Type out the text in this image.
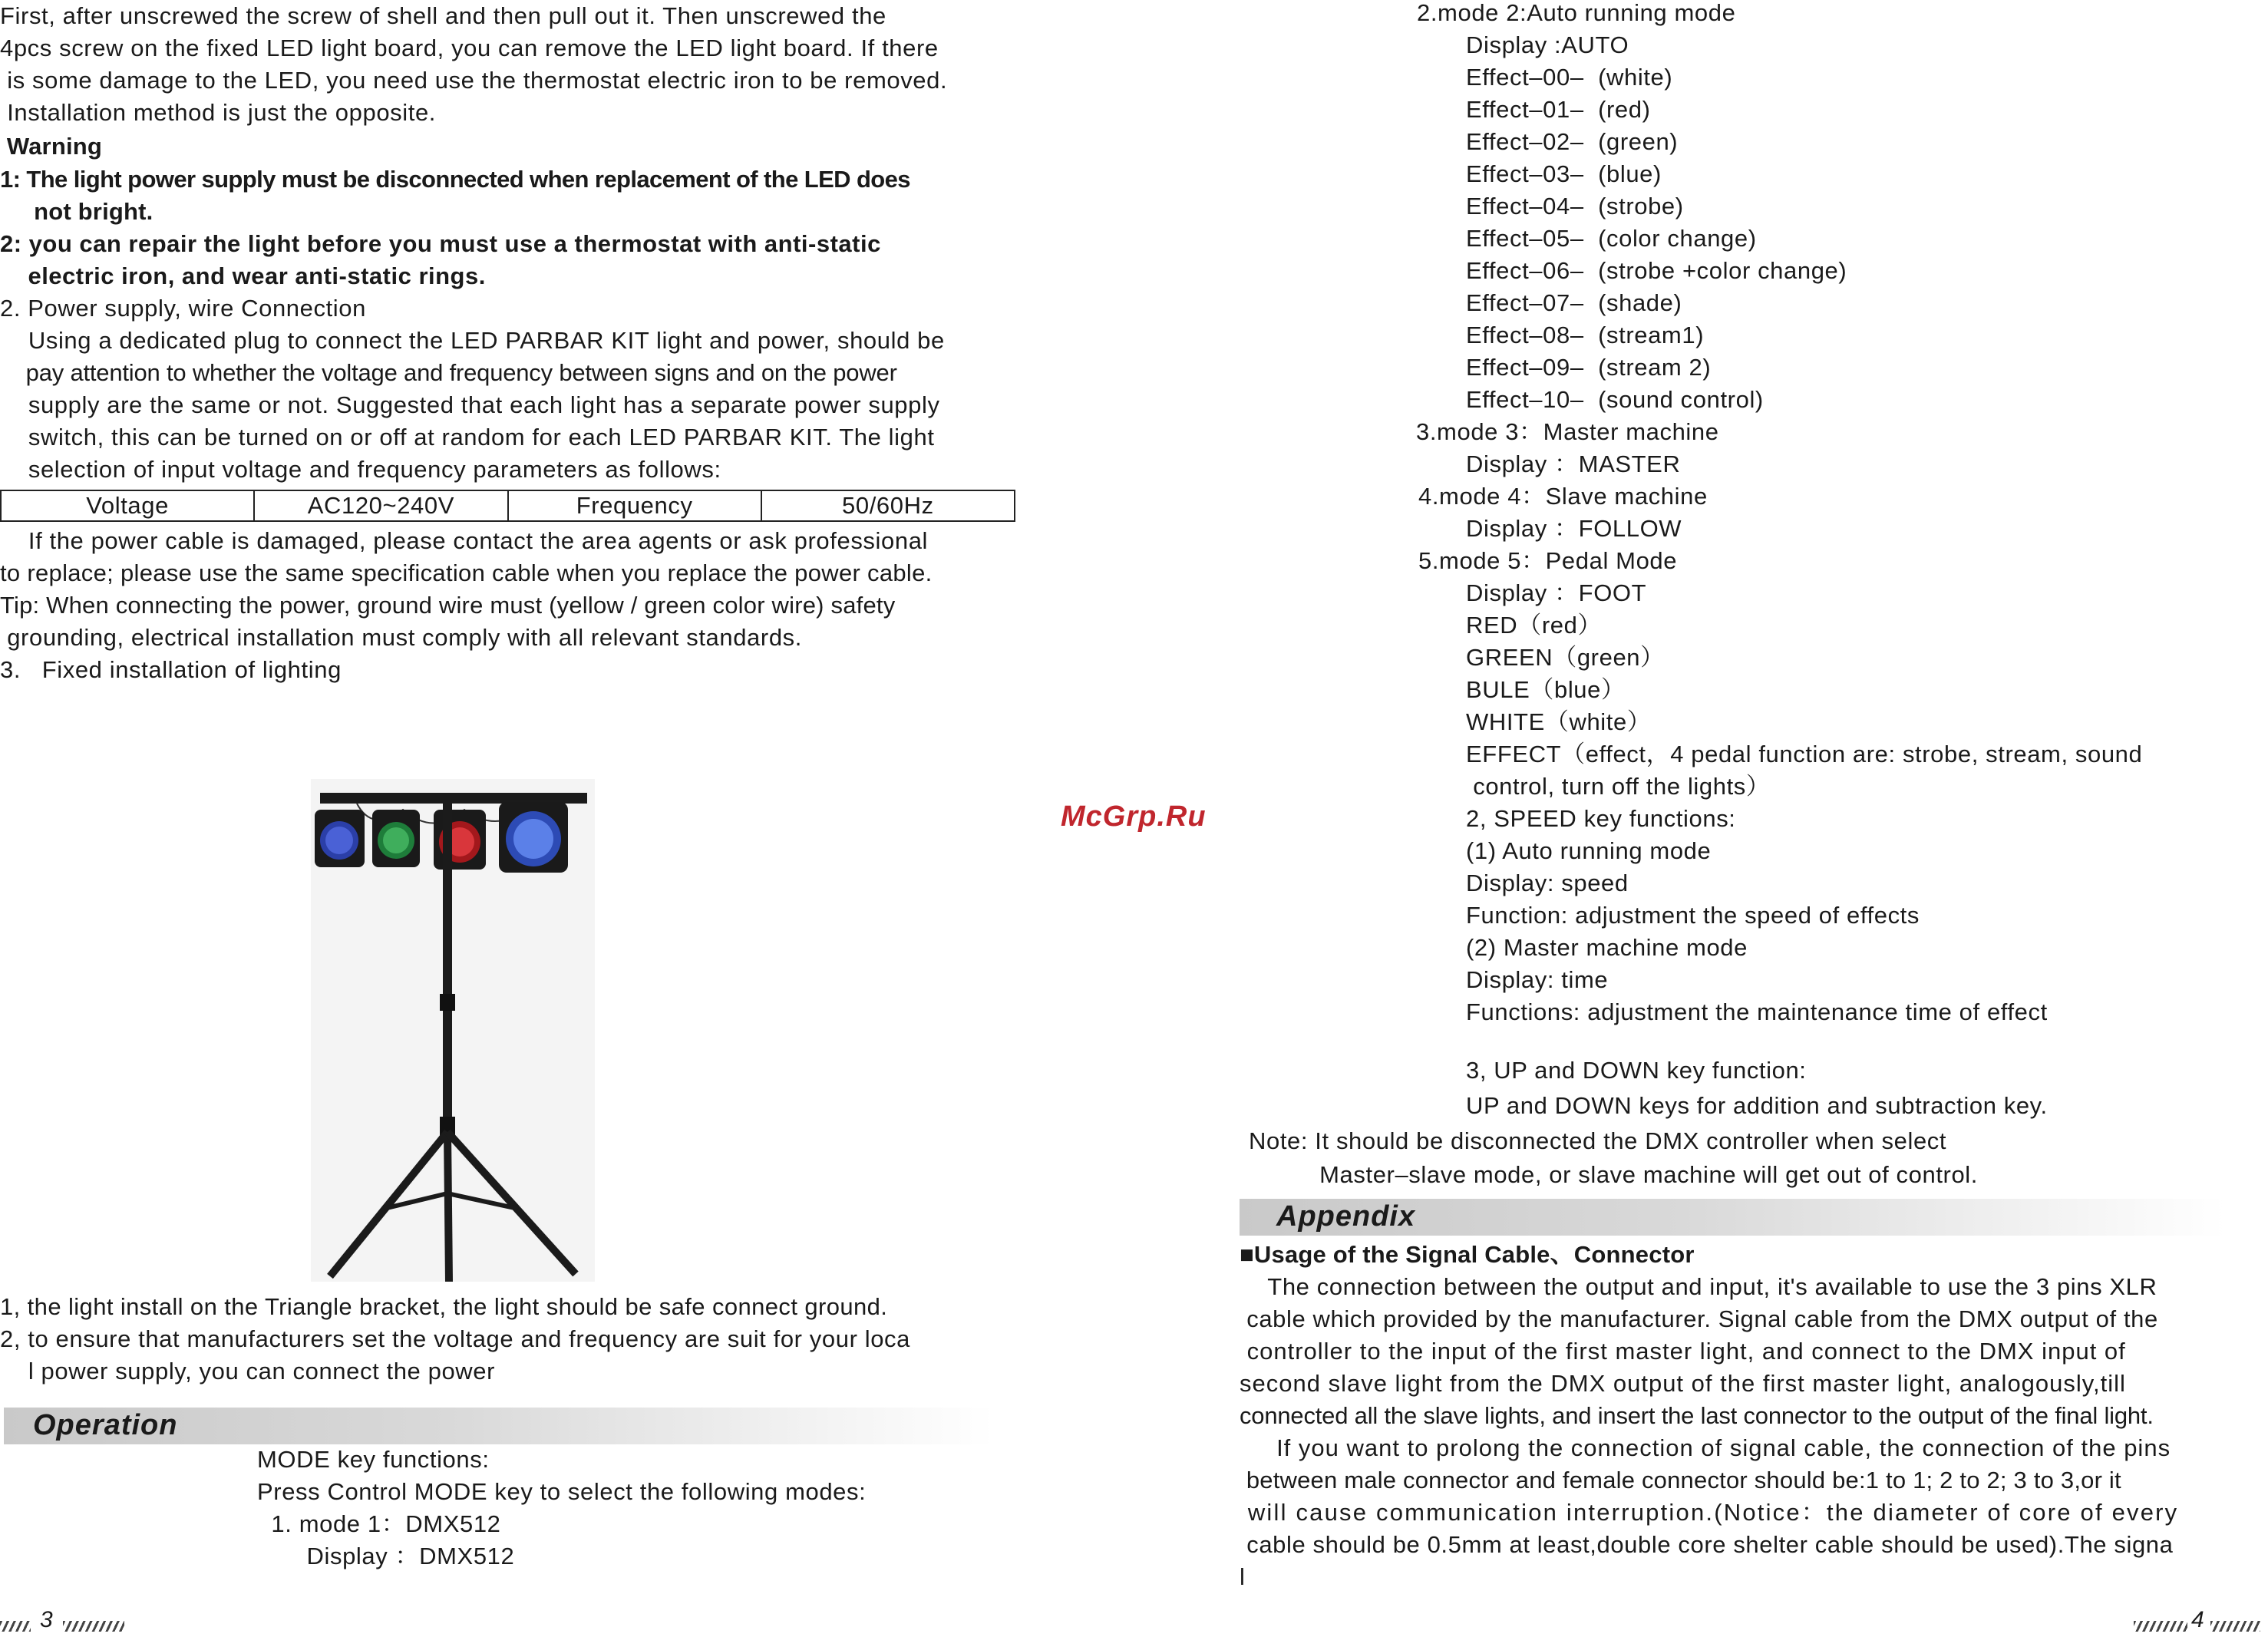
First, after unscrewed the screw of shell and then pull out it. Then unscrewed the
4pcs screw on the fixed LED light board, you can remove the LED light board. If there
is some damage to the LED, you need use the thermostat electric iron to be removed.
Installation method is just the opposite.
Warning
1: The light power supply must be disconnected when replacement of the LED does
not bright.
2: you can repair the light before you must use a thermostat with anti-static
electric iron, and wear anti-static rings.
2. Power supply, wire Connection
Using a dedicated plug to connect the LED PARBAR KIT light and power, should be
pay attention to whether the voltage and frequency between signs and on the power
supply are the same or not. Suggested that each light has a separate power supply
switch, this can be turned on or off at random for each LED PARBAR KIT. The light
selection of input voltage and frequency parameters as follows:
Voltage	AC120~240V	Frequency	50/60Hz
If the power cable is damaged, please contact the area agents or ask professional
to replace; please use the same specification cable when you replace the power cable.
Tip: When connecting the power, ground wire must (yellow / green color wire) safety
grounding, electrical installation must comply with all relevant standards.
3.   Fixed installation of lighting
1, the light install on the Triangle bracket, the light should be safe connect ground.
2, to ensure that manufacturers set the voltage and frequency are suit for your loca
l power supply, you can connect the power
Operation
MODE key functions:
Press Control MODE key to select the following modes:
1. mode 1：DMX512
Display ：DMX512
3
McGrp.Ru
2.mode 2:Auto running mode
Display :AUTO
Effect–00–  (white)
Effect–01–  (red)
Effect–02–  (green)
Effect–03–  (blue)
Effect–04–  (strobe)
Effect–05–  (color change)
Effect–06–  (strobe +color change)
Effect–07–  (shade)
Effect–08–  (stream1)
Effect–09–  (stream 2)
Effect–10–  (sound control)
3.mode 3：Master machine
Display ：MASTER
4.mode 4：Slave machine
Display ：FOLLOW
5.mode 5：Pedal Mode
Display ：FOOT
RED（red）
GREEN（green）
BULE（blue）
WHITE（white）
EFFECT（effect，4 pedal function are: strobe, stream, sound
control, turn off the lights）
2, SPEED key functions:
(1) Auto running mode
Display: speed
Function: adjustment the speed of effects
(2) Master machine mode
Display: time
Functions: adjustment the maintenance time of effect
3, UP and DOWN key function:
UP and DOWN keys for addition and subtraction key.
Note: It should be disconnected the DMX controller when select
Master–slave mode, or slave machine will get out of control.
Appendix
■Usage of the Signal Cable、Connector
The connection between the output and input, it's available to use the 3 pins XLR
cable which provided by the manufacturer. Signal cable from the DMX output of the
controller to the input of the first master light, and connect to the DMX input of
second slave light from the DMX output of the first master light, analogously,till
connected all the slave lights, and insert the last connector to the output of the final light.
If you want to prolong the connection of signal cable, the connection of the pins
between male connector and female connector should be:1 to 1; 2 to 2; 3 to 3,or it
will cause communication interruption.(Notice：the diameter of core of every
cable should be 0.5mm at least,double core shelter cable should be used).The signa
l
4
